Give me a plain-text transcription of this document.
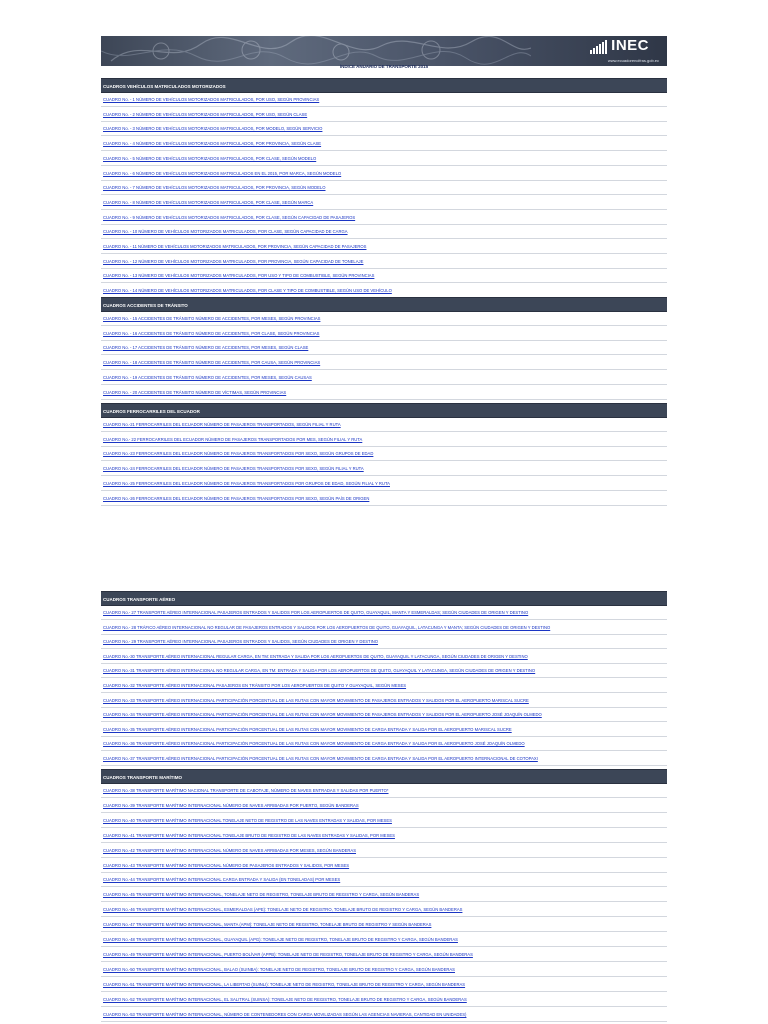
INEC
www.ecuadorencifras.gob.ec
ÍNDICE ANUARIO DE TRANSPORTE 2015
CUADROS VEHÍCULOS MATRICULADOS MOTORIZADOS
CUADRO No. - 1 NÚMERO DE VEHÍCULOS MOTORIZADOS MATRICULADOS, POR USO, SEGÚN PROVINCIAS
CUADRO No. - 2 NÚMERO DE VEHÍCULOS MOTORIZADOS MATRICULADOS, POR USO, SEGÚN CLASE
CUADRO No. - 3 NÚMERO DE VEHÍCULOS MOTORIZADOS MATRICULADOS, POR MODELO, SEGÚN SERVICIO
CUADRO No. - 4 NÚMERO DE VEHÍCULOS MOTORIZADOS MATRICULADOS, POR PROVINCIA, SEGÚN CLASE
CUADRO No. - 5 NÚMERO DE VEHÍCULOS MOTORIZADOS MATRICULADOS, POR CLASE, SEGÚN MODELO
CUADRO No. - 6 NÚMERO DE VEHÍCULOS MOTORIZADOS MATRICULADOS EN EL 2015, POR MARCA, SEGÚN MODELO
CUADRO No. - 7 NÚMERO DE VEHÍCULOS MOTORIZADOS MATRICULADOS, POR PROVINCIA, SEGÚN MODELO
CUADRO No. - 8 NÚMERO DE VEHÍCULOS MOTORIZADOS MATRICULADOS, POR CLASE, SEGÚN MARCA
CUADRO No. - 9 NÚMERO DE VEHÍCULOS MOTORIZADOS MATRICULADOS, POR CLASE, SEGÚN CAPACIDAD DE PASAJEROS
CUADRO No. - 10 NÚMERO DE VEHÍCULOS MOTORIZADOS MATRICULADOS, POR CLASE, SEGÚN CAPACIDAD DE CARGA
CUADRO No. - 11 NÚMERO DE VEHÍCULOS MOTORIZADOS MATRICULADOS, POR PROVINCIA, SEGÚN CAPACIDAD DE PASAJEROS
CUADRO No. - 12 NÚMERO DE VEHÍCULOS MOTORIZADOS MATRICULADOS, POR PROVINCIA, SEGÚN CAPACIDAD DE TONELAJE
CUADRO No. - 13 NÚMERO DE VEHÍCULOS MOTORIZADOS MATRICULADOS, POR USO Y TIPO DE COMBUSTIBLE, SEGÚN PROVINCIAS
CUADRO No. - 14 NÚMERO DE VEHÍCULOS MOTORIZADOS MATRICULADOS, POR CLASE Y TIPO DE COMBUSTIBLE, SEGÚN USO DE VEHÍCULO
CUADROS ACCIDENTES DE TRÁNSITO
CUADRO No. - 15 ACCIDENTES DE TRÁNSITO NÚMERO DE ACCIDENTES, POR MESES, SEGÚN PROVINCIAS
CUADRO No. - 16 ACCIDENTES DE TRÁNSITO NÚMERO DE ACCIDENTES, POR CLASE, SEGÚN PROVINCIAS
CUADRO No. - 17 ACCIDENTES DE TRÁNSITO NÚMERO DE ACCIDENTES, POR MESES, SEGÚN CLASE
CUADRO No. - 18 ACCIDENTES DE TRÁNSITO NÚMERO DE ACCIDENTES, POR CAUSA, SEGÚN PROVINCIAS
CUADRO No. - 19 ACCIDENTES DE TRÁNSITO NÚMERO DE ACCIDENTES, POR MESES, SEGÚN CAUSAS
CUADRO No. - 20 ACCIDENTES DE TRÁNSITO NÚMERO DE VÍCTIMAS, SEGÚN PROVINCIAS
CUADROS FERROCARRILES DEL ECUADOR
CUADRO No.-21 FERROCARRILES DEL ECUADOR NÚMERO DE PASAJEROS TRANSPORTADOS, SEGÚN FILIAL Y RUTA
CUADRO No.- 22 FERROCARRILES DEL ECUADOR NÚMERO DE PASAJEROS TRANSPORTADOS POR MES, SEGÚN FILIAL Y RUTA
CUADRO No.-23 FERROCARRILES DEL ECUADOR NÚMERO DE PASAJEROS TRANSPORTADOS POR SEXO, SEGÚN GRUPOS DE EDAD
CUADRO No.-24 FERROCARRILES DEL ECUADOR NÚMERO DE PASAJEROS TRANSPORTADOS POR SEXO, SEGÚN FILIAL Y RUTA
CUADRO No.-25 FERROCARRILES DEL ECUADOR NÚMERO DE PASAJEROS TRANSPORTADOS POR GRUPOS DE EDAD, SEGÚN FILIAL Y RUTA
CUADRO No.-26 FERROCARRILES DEL ECUADOR NÚMERO DE PASAJEROS TRANSPORTADOS POR SEXO, SEGÚN PAÍS DE ORIGEN
CUADROS TRANSPORTE AÉREO
CUADRO No.- 27 TRANSPORTE AÉREO INTERNACIONAL PASAJEROS ENTRADOS Y SALIDOS POR LOS AEROPUERTOS DE QUITO, GUAYAQUIL, MANTA Y ESMERALDAS; SEGÚN CIUDADES DE ORIGEN Y DESTINO
CUADRO No.- 28 TRÁFICO AÉREO INTERNACIONAL NO REGULAR DE PASAJEROS ENTRADOS Y SALIDOS POR LOS AEROPUERTOS DE QUITO, GUAYAQUIL, LATACUNGA Y MANTA; SEGÚN CIUDADES DE ORIGEN Y DESTINO
CUADRO No.- 29 TRANSPORTE AÉREO INTERNACIONAL PASAJEROS ENTRADOS Y SALIDOS, SEGÚN CIUDADES DE ORIGEN Y DESTINO
CUADRO No.-30 TRANSPORTE AÉREO INTERNACIONAL REGULAR CARGA, EN TM: ENTRADA Y SALIDA POR LOS AEROPUERTOS DE QUITO, GUAYAQUIL Y LATACUNGA, SEGÚN CIUDADES DE ORIGEN Y DESTINO
CUADRO No.-31 TRANSPORTE AÉREO INTERNACIONAL NO REGULAR CARGA, EN TM: ENTRADA Y SALIDA POR LOS AEROPUERTOS DE QUITO, GUAYAQUIL Y LATACUNGA, SEGÚN CIUDADES DE ORIGEN Y DESTINO
CUADRO No.-32 TRANSPORTE AÉREO INTERNACIONAL PASAJEROS EN TRÁNSITO POR LOS AEROPUERTOS DE QUITO Y GUAYAQUIL, SEGÚN MESES
CUADRO No.-33 TRANSPORTE AÉREO INTERNACIONAL PARTICIPACIÓN PORCENTUAL DE LAS RUTAS CON MAYOR MOVIMIENTO DE PASAJEROS ENTRADOS Y SALIDOS POR EL AEROPUERTO MARISCAL SUCRE
CUADRO No.-34 TRANSPORTE AÉREO INTERNACIONAL PARTICIPACIÓN PORCENTUAL DE LAS RUTAS CON MAYOR MOVIMIENTO DE PASAJEROS ENTRADOS Y SALIDOS POR EL AEROPUERTO JOSÉ JOAQUÍN OLMEDO
CUADRO No.-35 TRANSPORTE AÉREO INTERNACIONAL PARTICIPACIÓN PORCENTUAL DE LAS RUTAS CON MAYOR MOVIMIENTO DE CARGA ENTRADA Y SALIDA POR EL AEROPUERTO MARISCAL SUCRE
CUADRO No.-36 TRANSPORTE AÉREO INTERNACIONAL PARTICIPACIÓN PORCENTUAL DE LAS RUTAS CON MAYOR MOVIMIENTO DE CARGA ENTRADA Y SALIDA POR EL AEROPUERTO JOSÉ JOAQUÍN OLMEDO
CUADRO No.-37 TRANSPORTE AÉREO INTERNACIONAL PARTICIPACIÓN PORCENTUAL DE LAS RUTAS CON MAYOR MOVIMIENTO DE CARGA ENTRADA Y SALIDA POR EL AEROPUERTO INTERNACIONAL DE COTOPAXI
CUADROS TRANSPORTE MARÍTIMO
CUADRO No.-38 TRANSPORTE MARÍTIMO NACIONAL TRANSPORTE DE CABOTAJE, NÚMERO DE NAVES ENTRADAS Y SALIDAS POR PUERTO*
CUADRO No.-39 TRANSPORTE MARÍTIMO INTERNACIONAL NÚMERO DE NAVES ARRIBADAS POR PUERTO, SEGÚN BANDERAS
CUADRO No.-40 TRANSPORTE MARÍTIMO INTERNACIONAL TONELAJE NETO DE REGISTRO DE LAS NAVES ENTRADAS Y SALIDAS, POR MESES
CUADRO No.-41 TRANSPORTE MARÍTIMO INTERNACIONAL TONELAJE BRUTO DE REGISTRO DE LAS NAVES ENTRADAS Y SALIDAS, POR MESES
CUADRO No.-42 TRANSPORTE MARÍTIMO INTERNACIONAL NÚMERO DE NAVES ARRIBADAS POR MESES, SEGÚN BANDERAS
CUADRO No.-43 TRANSPORTE MARÍTIMO INTERNACIONAL NÚMERO DE PASAJEROS ENTRADOS Y SALIDOS, POR MESES
CUADRO No.-44 TRANSPORTE MARÍTIMO INTERNACIONAL CARGA ENTRADA Y SALIDA (EN TONELADAS) POR MESES
CUADRO No.-45 TRANSPORTE MARÍTIMO INTERNACIONAL, TONELAJE NETO DE REGISTRO, TONELAJE BRUTO DE REGISTRO Y CARGA, SEGÚN BANDERAS
CUADRO No.-46 TRANSPORTE MARÍTIMO INTERNACIONAL, ESMERALDAS (APE): TONELAJE NETO DE REGISTRO, TONELAJE BRUTO DE REGISTRO Y CARGA, SEGÚN BANDERAS
CUADRO No.-47 TRANSPORTE MARÍTIMO INTERNACIONAL, MANTA (APM): TONELAJE NETO DE REGISTRO, TONELAJE BRUTO DE REGISTRO Y SEGÚN BANDERAS
CUADRO No.-48 TRANSPORTE MARÍTIMO INTERNACIONAL, GUAYAQUIL (APG): TONELAJE NETO DE REGISTRO, TONELAJE BRUTO DE REGISTRO Y CARGA, SEGÚN BANDERAS
CUADRO No.-49 TRANSPORTE MARÍTIMO INTERNACIONAL, PUERTO BOLÍVAR (APPB): TONELAJE NETO DE REGISTRO, TONELAJE BRUTO DE REGISTRO Y CARGA, SEGÚN BANDERAS
CUADRO No.-50 TRANSPORTE MARÍTIMO INTERNACIONAL, BALAO (SUINBA): TONELAJE NETO DE REGISTRO, TONELAJE BRUTO DE REGISTRO Y CARGA, SEGÚN BANDERAS
CUADRO No.-51 TRANSPORTE MARÍTIMO INTERNACIONAL, LA LIBERTAD (SUINLI): TONELAJE NETO DE REGISTRO, TONELAJE BRUTO DE REGISTRO Y CARGA, SEGÚN BANDERAS
CUADRO No.-52 TRANSPORTE MARÍTIMO INTERNACIONAL, EL SALITRAL (SUINSA): TONELAJE NETO DE REGISTRO, TONELAJE BRUTO DE REGISTRO Y CARGA, SEGÚN BANDERAS
CUADRO No.-53 TRANSPORTE MARÍTIMO INTERNACIONAL, NÚMERO DE CONTENEDORES CON CARGA MOVILIZADAS SEGÚN LAS AGENCIAS NAVIERAS, CANTIDAD EN UNIDADES)
